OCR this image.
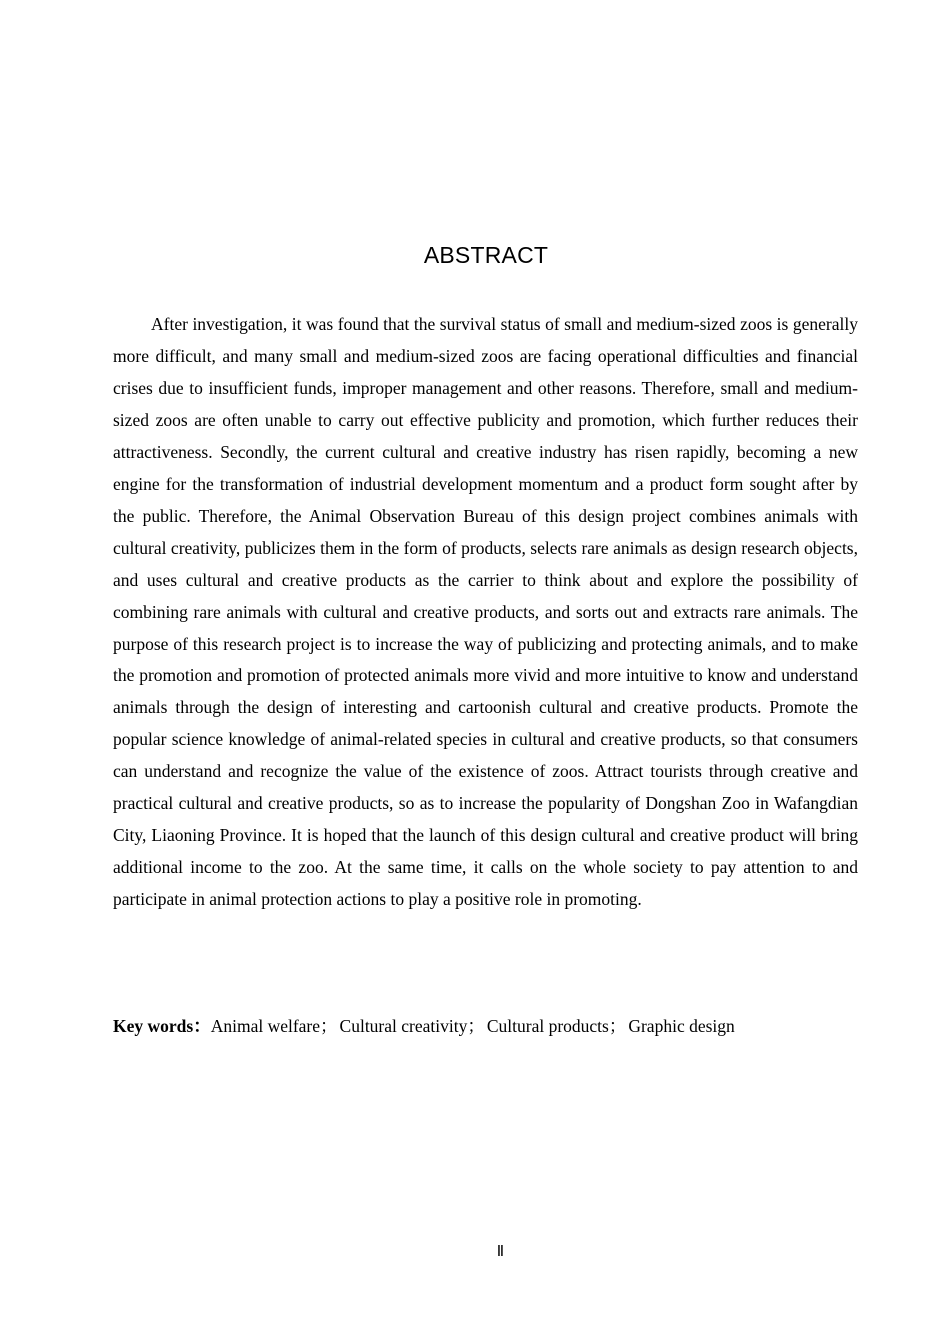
ABSTRACT

After investigation, it was found that the survival status of small and medium-sized zoos is generally more difficult, and many small and medium-sized zoos are facing operational difficulties and financial crises due to insufficient funds, improper management and other reasons. Therefore, small and medium-sized zoos are often unable to carry out effective publicity and promotion, which further reduces their attractiveness. Secondly, the current cultural and creative industry has risen rapidly, becoming a new engine for the transformation of industrial development momentum and a product form sought after by the public. Therefore, the Animal Observation Bureau of this design project combines animals with cultural creativity, publicizes them in the form of products, selects rare animals as design research objects, and uses cultural and creative products as the carrier to think about and explore the possibility of combining rare animals with cultural and creative products, and sorts out and extracts rare animals. The purpose of this research project is to increase the way of publicizing and protecting animals, and to make the promotion and promotion of protected animals more vivid and more intuitive to know and understand animals through the design of interesting and cartoonish cultural and creative products. Promote the popular science knowledge of animal-related species in cultural and creative products, so that consumers can understand and recognize the value of the existence of zoos. Attract tourists through creative and practical cultural and creative products, so as to increase the popularity of Dongshan Zoo in Wafangdian City, Liaoning Province. It is hoped that the launch of this design cultural and creative product will bring additional income to the zoo. At the same time, it calls on the whole society to pay attention to and participate in animal protection actions to play a positive role in promoting.

Key words：Animal welfare； Cultural creativity； Cultural products； Graphic design
Ⅱ
